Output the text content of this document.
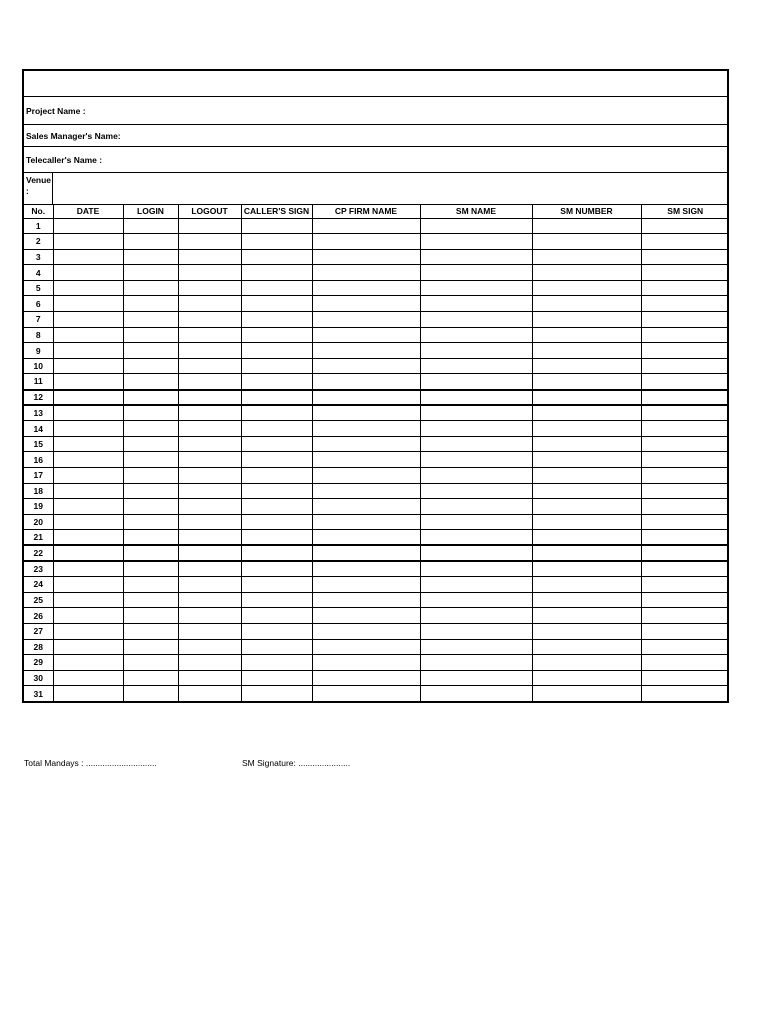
Project Name :
Sales Manager's Name:
Telecaller's Name :
Venue
:
No.	DATE	LOGIN	LOGOUT	CALLER'S SIGN	CP FIRM NAME	SM NAME	SM NUMBER	SM SIGN
1								
2								
3								
4								
5								
6								
7								
8								
9								
10								
11								
12								
13								
14								
15								
16								
17								
18								
19								
20								
21								
22								
23								
24								
25								
26								
27								
28								
29								
30								
31								
Total Mandays : ..............................	SM Signature: ......................
